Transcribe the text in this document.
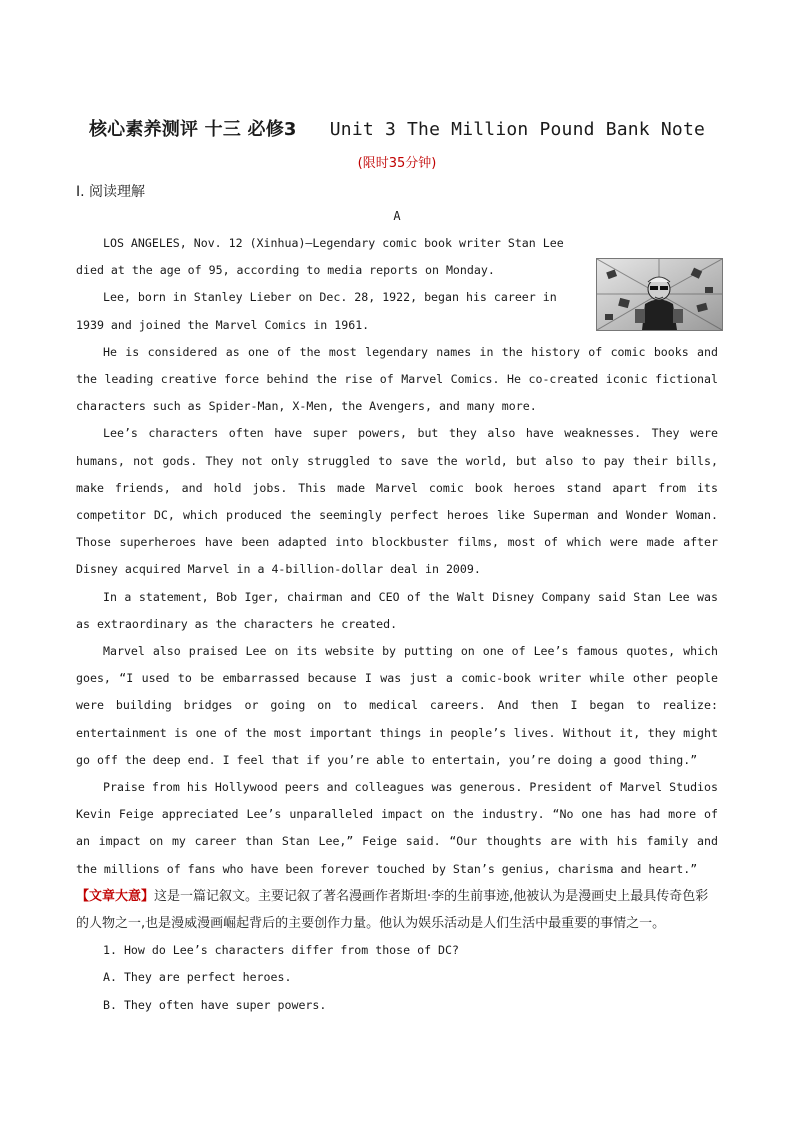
核心素养测评 十三 必修3 Unit 3 The Million Pound Bank Note
(限时35分钟)
Ⅰ. 阅读理解
A

LOS ANGELES, Nov. 12 (Xinhua)—Legendary comic book writer Stan Lee

died at the age of 95, according to media reports on Monday.

Lee, born in Stanley Lieber on Dec. 28, 1922, began his career in

1939 and joined the Marvel Comics in 1961.

He is considered as one of the most legendary names in the history of comic books and the leading creative force behind the rise of Marvel Comics. He co-created iconic fictional characters such as Spider-Man, X-Men, the Avengers, and many more.

Lee’s characters often have super powers, but they also have weaknesses. They were humans, not gods. They not only struggled to save the world, but also to pay their bills, make friends, and hold jobs. This made Marvel comic book heroes stand apart from its competitor DC, which produced the seemingly perfect heroes like Superman and Wonder Woman. Those superheroes have been adapted into blockbuster films, most of which were made after Disney acquired Marvel in a 4-billion-dollar deal in 2009.

In a statement, Bob Iger, chairman and CEO of the Walt Disney Company said Stan Lee was as extraordinary as the characters he created.

Marvel also praised Lee on its website by putting on one of Lee’s famous quotes, which goes, “I used to be embarrassed because I was just a comic-book writer while other people were building bridges or going on to medical careers. And then I began to realize: entertainment is one of the most important things in people’s lives. Without it, they might go off the deep end. I feel that if you’re able to entertain, you’re doing a good thing.”

Praise from his Hollywood peers and colleagues was generous. President of Marvel Studios Kevin Feige appreciated Lee’s unparalleled impact on the industry. “No one has had more of an impact on my career than Stan Lee,” Feige said. “Our thoughts are with his family and the millions of fans who have been forever touched by Stan’s genius, charisma and heart.”

【文章大意】这是一篇记叙文。主要记叙了著名漫画作者斯坦·李的生前事迹,他被认为是漫画史上最具传奇色彩的人物之一,也是漫威漫画崛起背后的主要创作力量。他认为娱乐活动是人们生活中最重要的事情之一。

1. How do Lee’s characters differ from those of DC?

A. They are perfect heroes.

B. They often have super powers.
